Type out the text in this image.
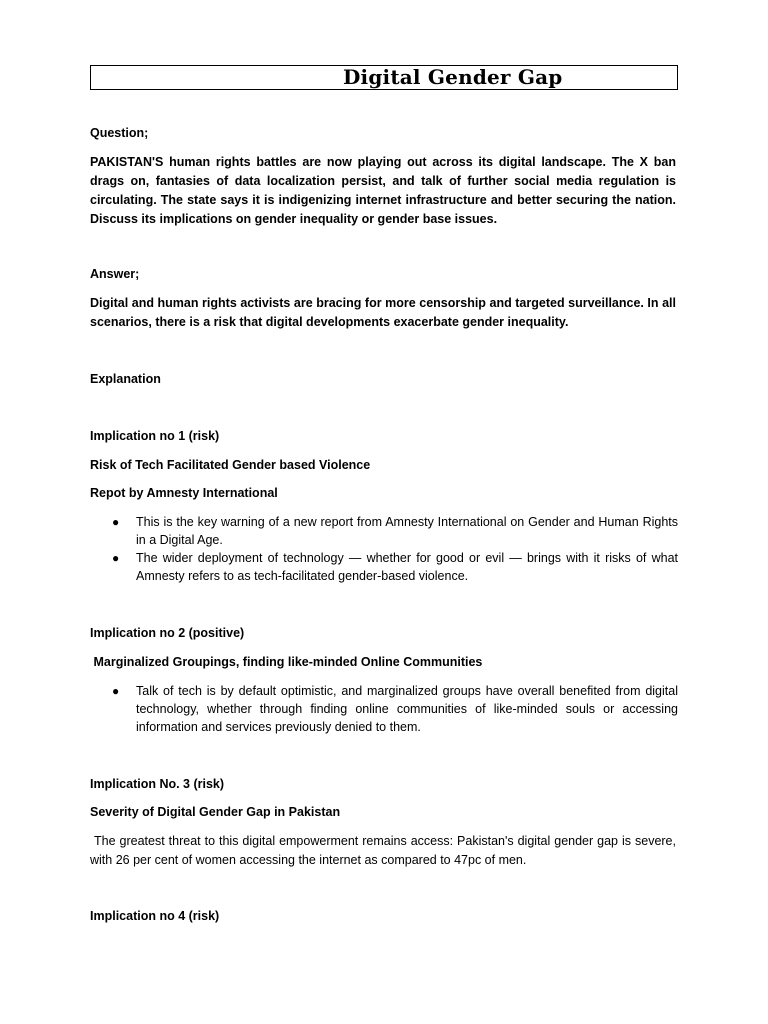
Digital Gender Gap

Question;

PAKISTAN'S human rights battles are now playing out across its digital landscape. The X ban drags on, fantasies of data localization persist, and talk of further social media regulation is circulating. The state says it is indigenizing internet infrastructure and better securing the nation. Discuss its implications on gender inequality or gender base issues.

Answer;

Digital and human rights activists are bracing for more censorship and targeted surveillance. In all scenarios, there is a risk that digital developments exacerbate gender inequality.

Explanation

Implication no 1 (risk)

Risk of Tech Facilitated Gender based Violence

Repot by Amnesty International

● This is the key warning of a new report from Amnesty International on Gender and Human Rights in a Digital Age.
● The wider deployment of technology — whether for good or evil — brings with it risks of what Amnesty refers to as tech-facilitated gender-based violence.

Implication no 2 (positive)

Marginalized Groupings, finding like-minded Online Communities

● Talk of tech is by default optimistic, and marginalized groups have overall benefited from digital technology, whether through finding online communities of like-minded souls or accessing information and services previously denied to them.

Implication No. 3 (risk)

Severity of Digital Gender Gap in Pakistan

The greatest threat to this digital empowerment remains access: Pakistan's digital gender gap is severe, with 26 per cent of women accessing the internet as compared to 47pc of men.

Implication no 4 (risk)
